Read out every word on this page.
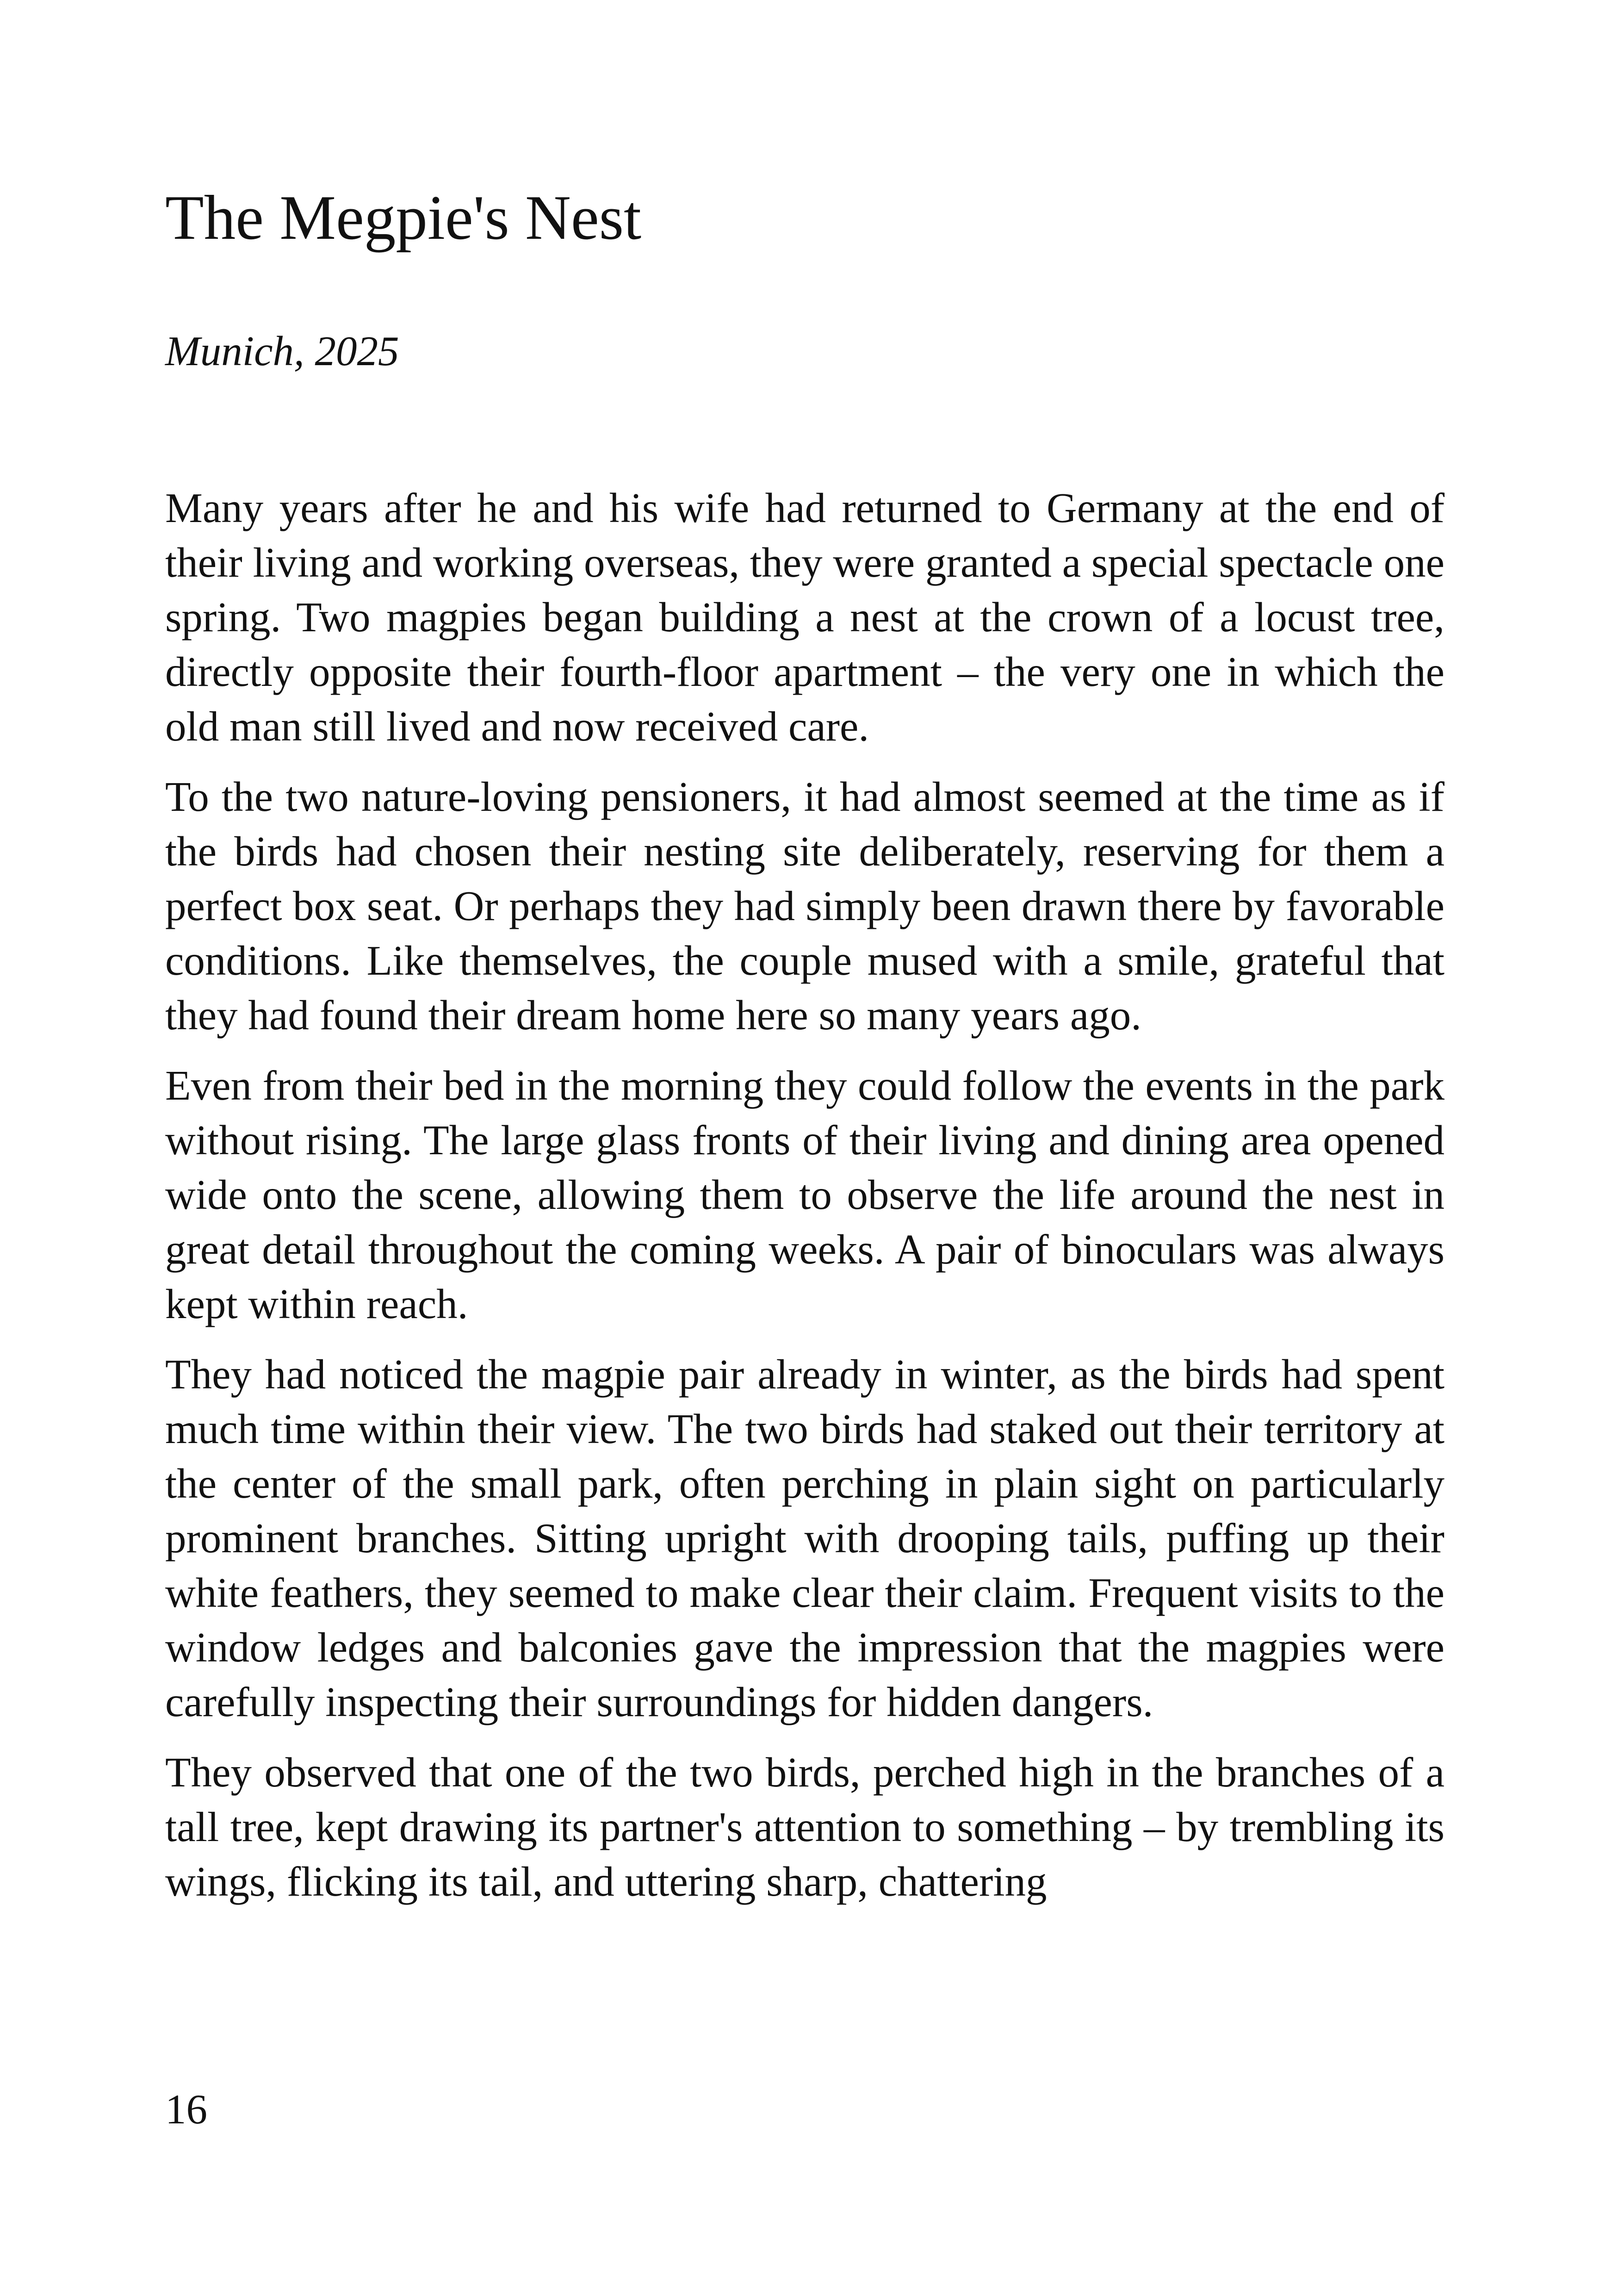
The Megpie's Nest

Munich, 2025

Many years after he and his wife had returned to Germany at the end of their living and working overseas, they were granted a special spectacle one spring. Two magpies began building a nest at the crown of a locust tree, directly opposite their fourth-floor apartment – the very one in which the old man still lived and now received care.

To the two nature-loving pensioners, it had almost seemed at the time as if the birds had chosen their nesting site deliberately, reserving for them a perfect box seat. Or perhaps they had simply been drawn there by favorable conditions. Like themselves, the couple mused with a smile, grateful that they had found their dream home here so many years ago.

Even from their bed in the morning they could follow the events in the park without rising. The large glass fronts of their living and dining area opened wide onto the scene, allowing them to observe the life around the nest in great detail throughout the coming weeks. A pair of binoculars was always kept within reach.

They had noticed the magpie pair already in winter, as the birds had spent much time within their view. The two birds had staked out their territory at the center of the small park, often perching in plain sight on particularly prominent branches. Sitting upright with drooping tails, puffing up their white feathers, they seemed to make clear their claim. Frequent visits to the window ledges and balconies gave the impression that the magpies were carefully inspecting their surroundings for hidden dangers.

They observed that one of the two birds, perched high in the branches of a tall tree, kept drawing its partner's attention to something – by trembling its wings, flicking its tail, and uttering sharp, chattering

16
